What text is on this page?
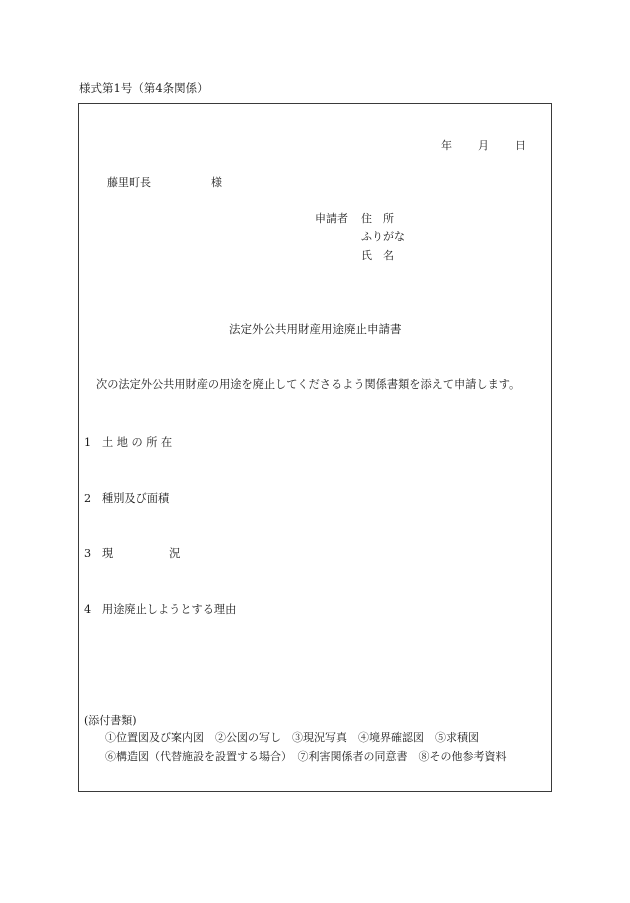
様式第1号（第4条関係）
年 月 日
藤里町長	様
申請者 住　所
ふりがな
氏　名
法定外公共用財産用途廃止申請書
次の法定外公共用財産の用途を廃止してくださるよう関係書類を添えて申請します。
1 土 地 の 所 在
2 種別及び面積
3 現　　　　　況
4 用途廃止しようとする理由
(添付書類)
①位置図及び案内図　②公図の写し　③現況写真　④境界確認図　⑤求積図
⑥構造図（代替施設を設置する場合）　⑦利害関係者の同意書　⑧その他参考資料
